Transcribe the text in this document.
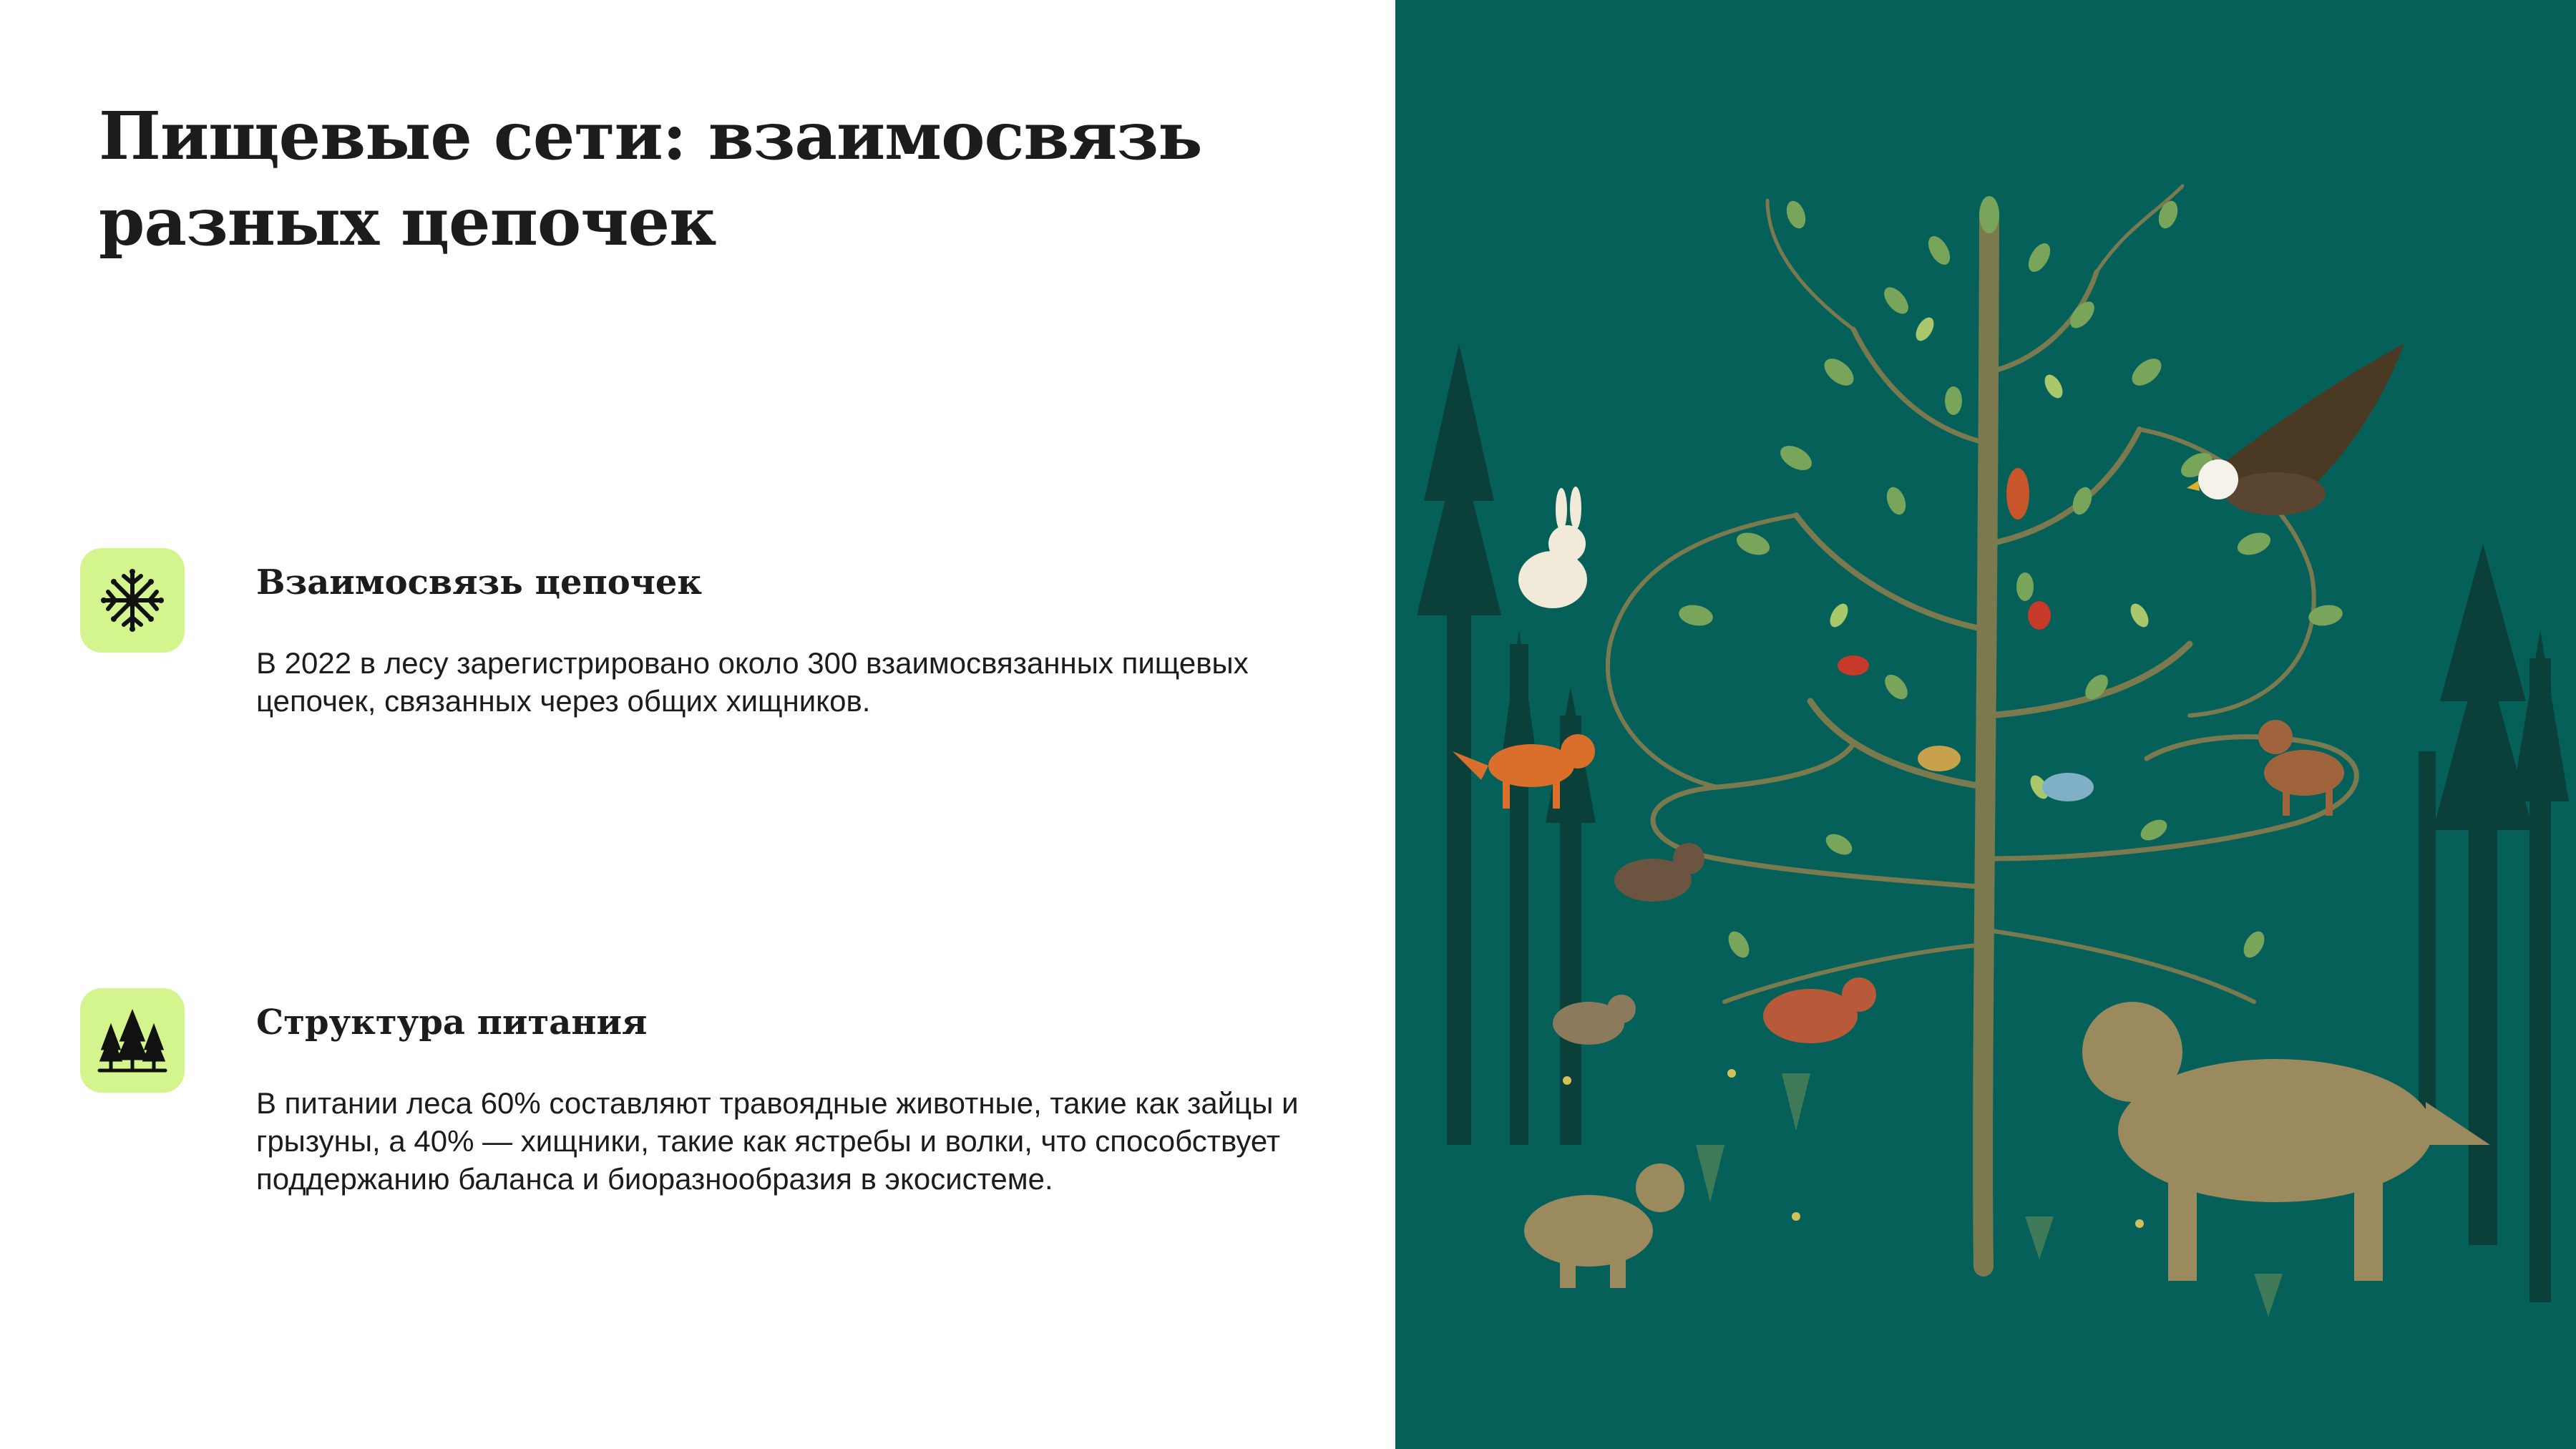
Пищевые сети: взаимосвязь разных цепочек
Взаимосвязь цепочек

В 2022 в лесу зарегистрировано около 300 взаимосвязанных пищевых цепочек, связанных через общих хищников.

Структура питания

В питании леса 60% составляют травоядные животные, такие как зайцы и грызуны, а 40% — хищники, такие как ястребы и волки, что способствует поддержанию баланса и биоразнообразия в экосистеме.
